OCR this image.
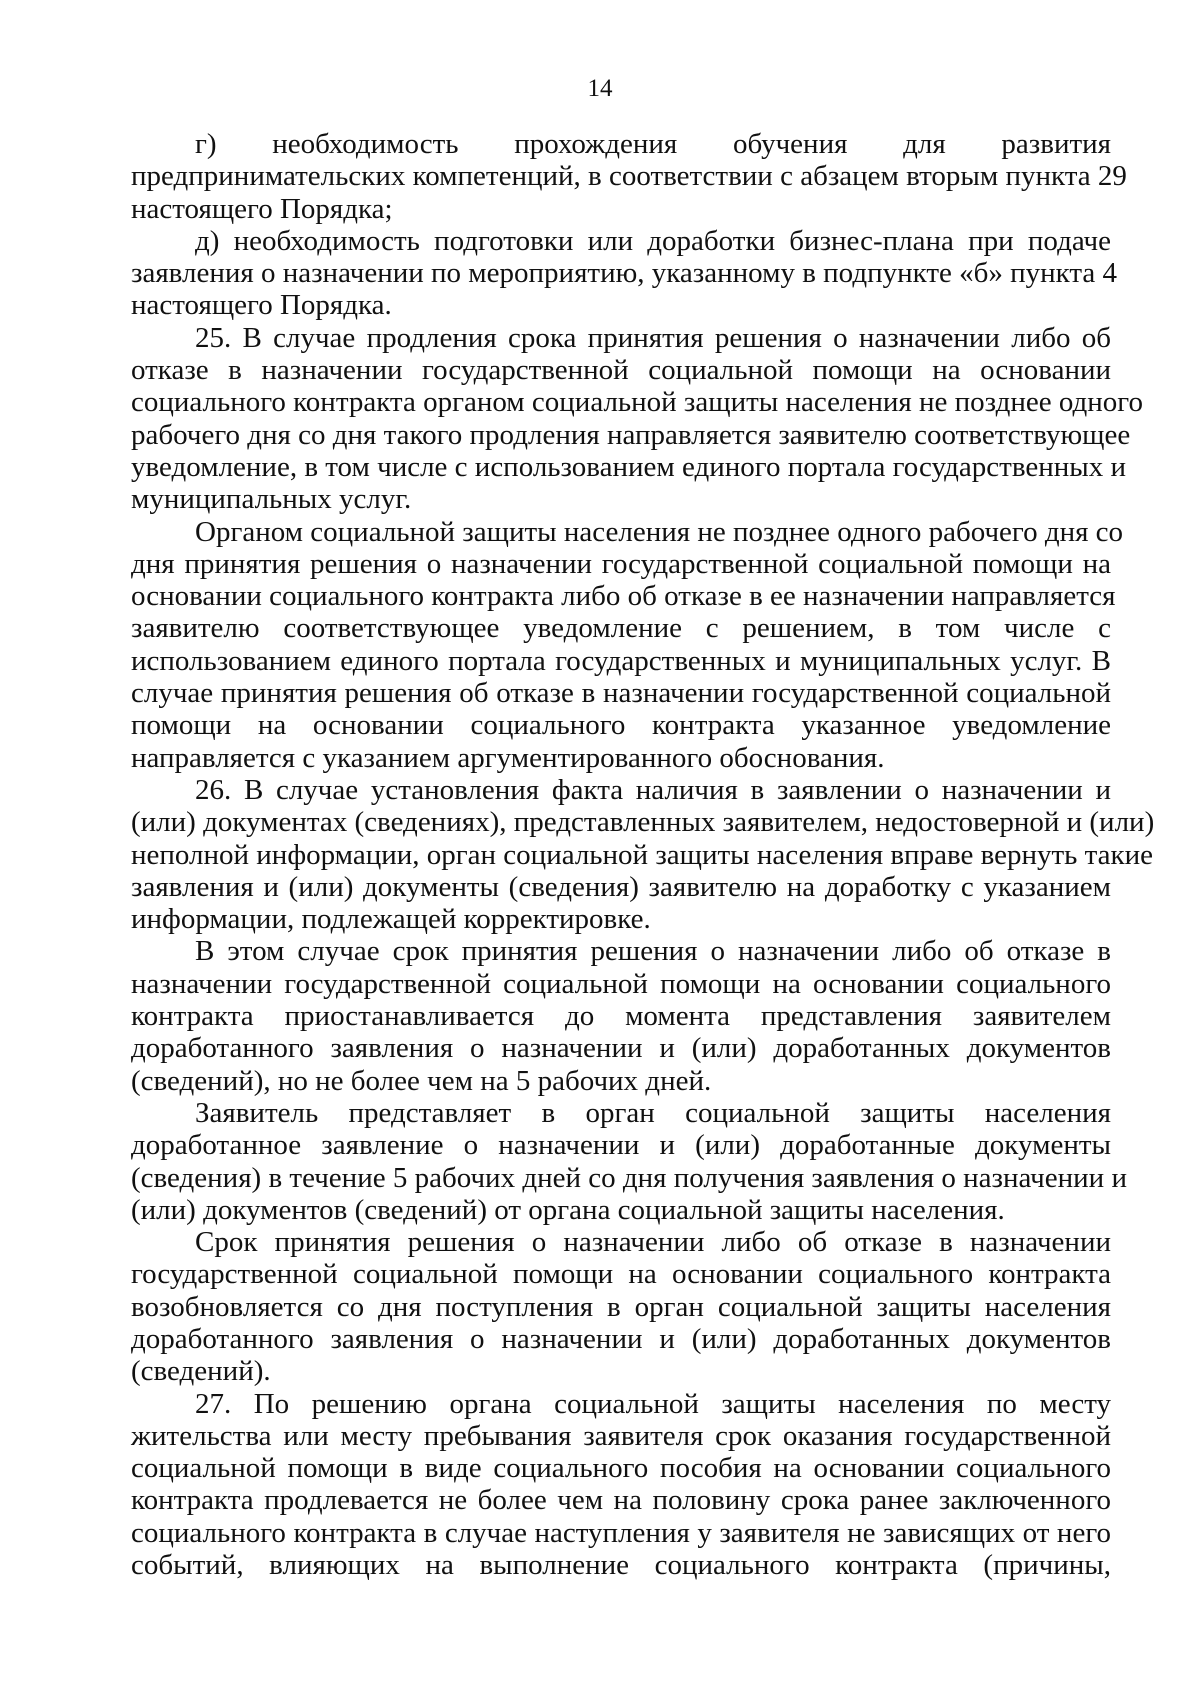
14

г) необходимость прохождения обучения для развития
предпринимательских компетенций, в соответствии с абзацем вторым пункта 29
настоящего Порядка;

д) необходимость подготовки или доработки бизнес-плана при подаче
заявления о назначении по мероприятию, указанному в подпункте «б» пункта 4
настоящего Порядка.

25. В случае продления срока принятия решения о назначении либо об
отказе в назначении государственной социальной помощи на основании
социального контракта органом социальной защиты населения не позднее одного
рабочего дня со дня такого продления направляется заявителю соответствующее
уведомление, в том числе с использованием единого портала государственных и
муниципальных услуг.

Органом социальной защиты населения не позднее одного рабочего дня со
дня принятия решения о назначении государственной социальной помощи на
основании социального контракта либо об отказе в ее назначении направляется
заявителю соответствующее уведомление с решением, в том числе с
использованием единого портала государственных и муниципальных услуг. В
случае принятия решения об отказе в назначении государственной социальной
помощи на основании социального контракта указанное уведомление
направляется с указанием аргументированного обоснования.

26. В случае установления факта наличия в заявлении о назначении и
(или) документах (сведениях), представленных заявителем, недостоверной и (или)
неполной информации, орган социальной защиты населения вправе вернуть такие
заявления и (или) документы (сведения) заявителю на доработку с указанием
информации, подлежащей корректировке.

В этом случае срок принятия решения о назначении либо об отказе в
назначении государственной социальной помощи на основании социального
контракта приостанавливается до момента представления заявителем
доработанного заявления о назначении и (или) доработанных документов
(сведений), но не более чем на 5 рабочих дней.

Заявитель представляет в орган социальной защиты населения
доработанное заявление о назначении и (или) доработанные документы
(сведения) в течение 5 рабочих дней со дня получения заявления о назначении и
(или) документов (сведений) от органа социальной защиты населения.

Срок принятия решения о назначении либо об отказе в назначении
государственной социальной помощи на основании социального контракта
возобновляется со дня поступления в орган социальной защиты населения
доработанного заявления о назначении и (или) доработанных документов
(сведений).

27. По решению органа социальной защиты населения по месту
жительства или месту пребывания заявителя срок оказания государственной
социальной помощи в виде социального пособия на основании социального
контракта продлевается не более чем на половину срока ранее заключенного
социального контракта в случае наступления у заявителя не зависящих от него
событий, влияющих на выполнение социального контракта (причины,
